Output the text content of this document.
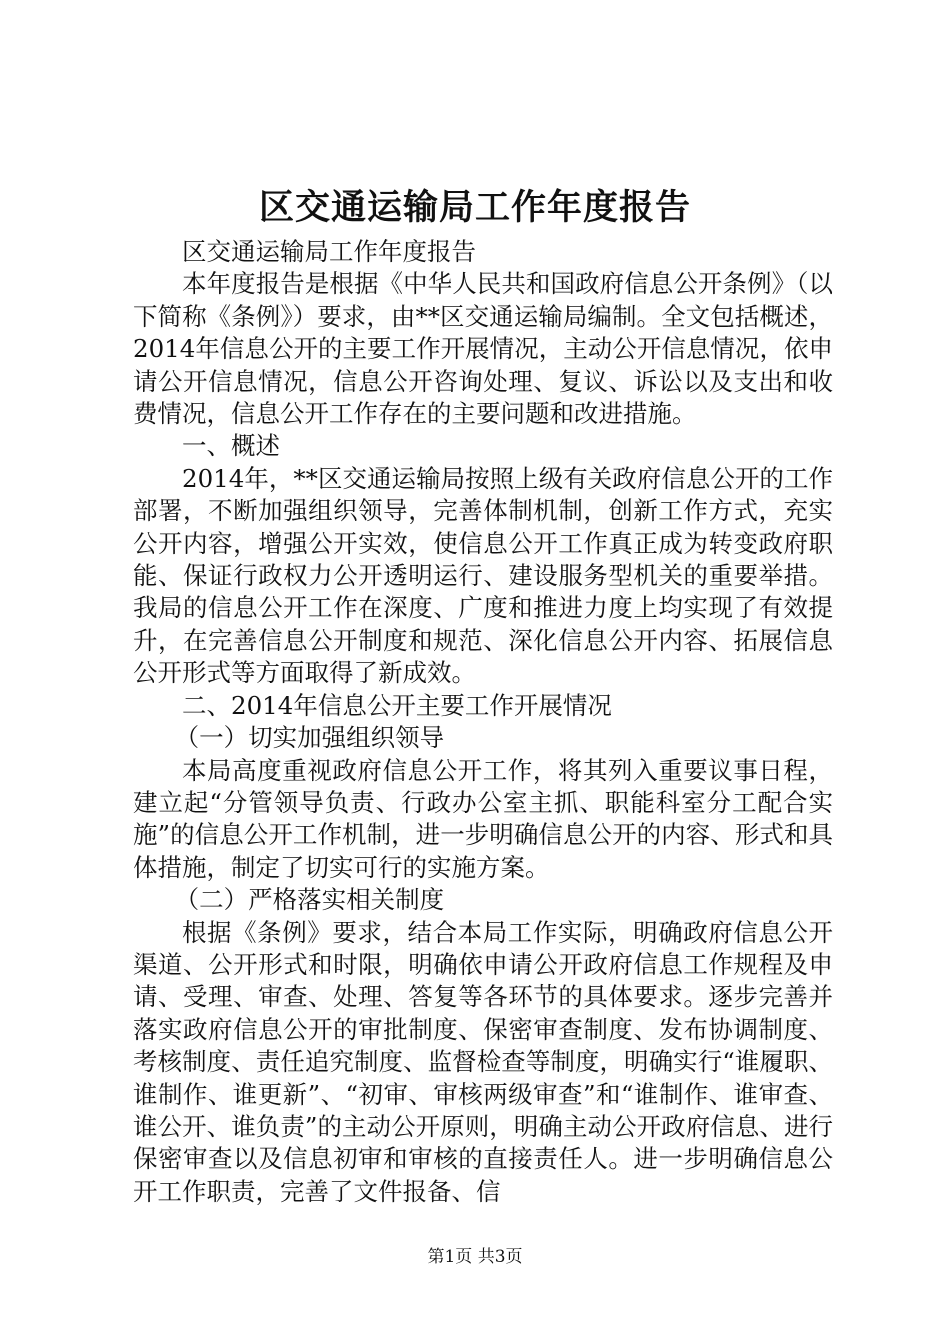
区交通运输局工作年度报告

区交通运输局工作年度报告

本年度报告是根据《中华人民共和国政府信息公开条例》（以下简称《条例》）要求，由**区交通运输局编制。全文包括概述，2014年信息公开的主要工作开展情况，主动公开信息情况，依申请公开信息情况，信息公开咨询处理、复议、诉讼以及支出和收费情况，信息公开工作存在的主要问题和改进措施。

一、概述

2014年，**区交通运输局按照上级有关政府信息公开的工作部署，不断加强组织领导，完善体制机制，创新工作方式，充实公开内容，增强公开实效，使信息公开工作真正成为转变政府职能、保证行政权力公开透明运行、建设服务型机关的重要举措。我局的信息公开工作在深度、广度和推进力度上均实现了有效提升，在完善信息公开制度和规范、深化信息公开内容、拓展信息公开形式等方面取得了新成效。

二、2014年信息公开主要工作开展情况

（一）切实加强组织领导

本局高度重视政府信息公开工作，将其列入重要议事日程，建立起“分管领导负责、行政办公室主抓、职能科室分工配合实施”的信息公开工作机制，进一步明确信息公开的内容、形式和具体措施，制定了切实可行的实施方案。

（二）严格落实相关制度

根据《条例》要求，结合本局工作实际，明确政府信息公开渠道、公开形式和时限，明确依申请公开政府信息工作规程及申请、受理、审查、处理、答复等各环节的具体要求。逐步完善并落实政府信息公开的审批制度、保密审查制度、发布协调制度、考核制度、责任追究制度、监督检查等制度，明确实行“谁履职、谁制作、谁更新”、“初审、审核两级审查”和“谁制作、谁审查、谁公开、谁负责”的主动公开原则，明确主动公开政府信息、进行保密审查以及信息初审和审核的直接责任人。进一步明确信息公开工作职责，完善了文件报备、信

第1页 共3页
